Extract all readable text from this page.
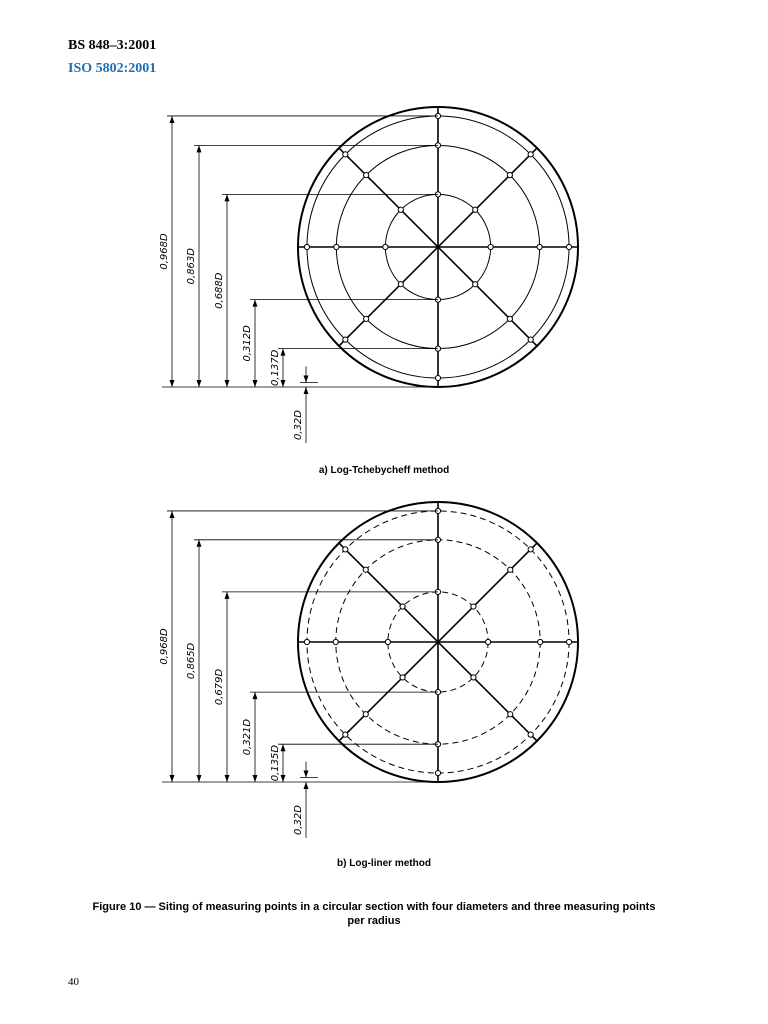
BS 848–3:2001
ISO 5802:2001
0,968D 0,863D
0,688D
0,312D
0,137D
0,32D
a) Log-Tchebycheff method
0,968D 0,865D
0,679D
0,321D
0,135D
0,32D
b) Log-liner method
Figure 10 — Siting of measuring points in a circular section with four diameters and three measuring points per radius
40
